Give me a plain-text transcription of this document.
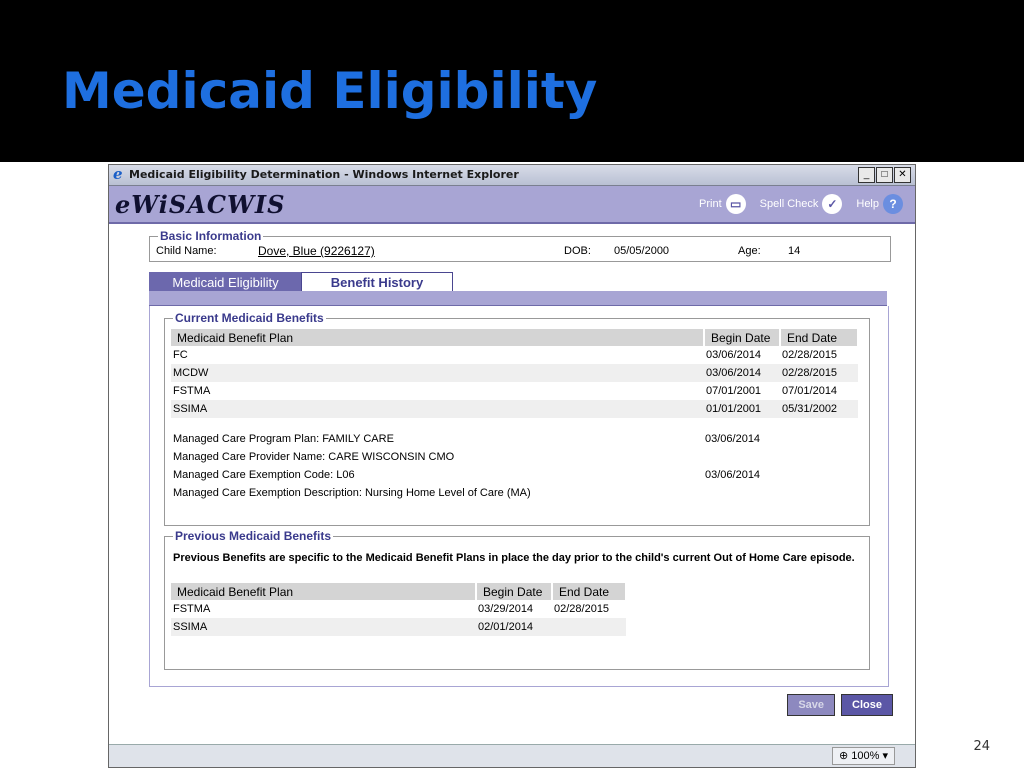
Medicaid Eligibility
e Medicaid Eligibility Determination - Windows Internet Explorer	_	□	✕
eWiSACWIS	Print ▭	Spell Check ✓	Help ?
Basic Information
Child Name:	Dove, Blue (9226127)	DOB: 05/05/2000	Age: 14
Medicaid Eligibility	Benefit History
Current Medicaid Benefits
Medicaid Benefit Plan	Begin Date	End Date
FC	03/06/2014	02/28/2015
MCDW	03/06/2014	02/28/2015
FSTMA	07/01/2001	07/01/2014
SSIMA	01/01/2001	05/31/2002
Managed Care Program Plan: FAMILY CARE	03/06/2014
Managed Care Provider Name: CARE WISCONSIN CMO
Managed Care Exemption Code: L06	03/06/2014
Managed Care Exemption Description: Nursing Home Level of Care (MA)
Previous Medicaid Benefits
Previous Benefits are specific to the Medicaid Benefit Plans in place the day prior to the child's current Out of Home Care episode.
Medicaid Benefit Plan	Begin Date	End Date
FSTMA	03/29/2014	02/28/2015
SSIMA	02/01/2014	
Save	Close
⊕ 100% ▾
24
